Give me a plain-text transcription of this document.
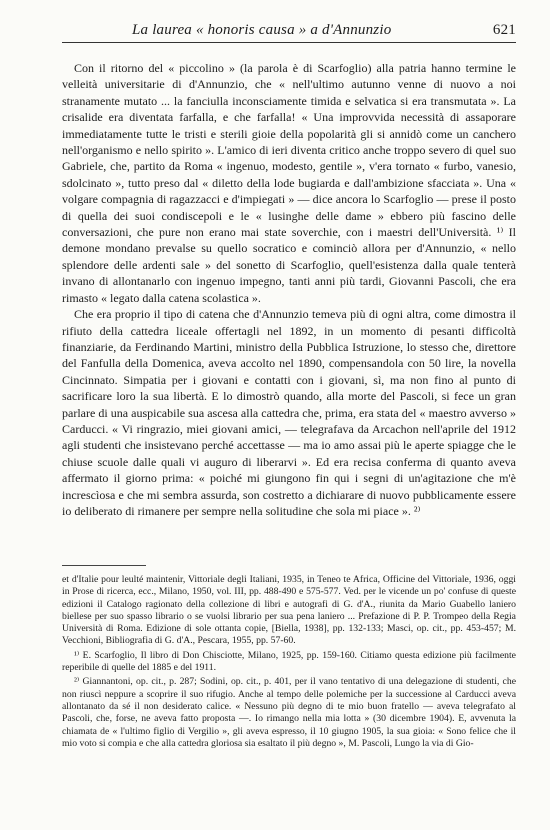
La laurea « honoris causa » a d'Annunzio	621

Con il ritorno del « piccolino » (la parola è di Scarfoglio) alla patria hanno termine le velleità universitarie di d'Annunzio, che « nell'ultimo autunno venne di nuovo a noi stranamente mutato ... la fanciulla inconsciamente timida e selvatica si era transmutata ». La crisalide era diventata farfalla, e che farfalla! « Una improvvida necessità di assaporare immediatamente tutte le tristi e sterili gioie della popolarità gli si annidò come un canchero nell'organismo e nello spirito ». L'amico di ieri diventa critico anche troppo severo di quel suo Gabriele, che, partito da Roma « ingenuo, modesto, gentile », v'era tornato « furbo, vanesio, sdolcinato », tutto preso dal « diletto della lode bugiarda e dall'ambizione sfacciata ». Una « volgare compagnia di ragazzacci e d'impiegati » — dice ancora lo Scarfoglio — prese il posto di quella dei suoi condiscepoli e le « lusinghe delle dame » ebbero più fascino delle conversazioni, che pure non erano mai state soverchie, con i maestri dell'Università. ¹⁾ Il demone mondano prevalse su quello socratico e cominciò allora per d'Annunzio, « nello splendore delle ardenti sale » del sonetto di Scarfoglio, quell'esistenza dalla quale tenterà invano di allontanarlo con ingenuo impegno, tanti anni più tardi, Giovanni Pascoli, che era rimasto « legato dalla catena scolastica ».

Che era proprio il tipo di catena che d'Annunzio temeva più di ogni altra, come dimostra il rifiuto della cattedra liceale offertagli nel 1892, in un momento di pesanti difficoltà finanziarie, da Ferdinando Martini, ministro della Pubblica Istruzione, lo stesso che, direttore del Fanfulla della Domenica, aveva accolto nel 1890, compensandola con 50 lire, la novella Cincinnato. Simpatia per i giovani e contatti con i giovani, sì, ma non fino al punto di sacrificare loro la sua libertà. E lo dimostrò quando, alla morte del Pascoli, si fece un gran parlare di una auspicabile sua ascesa alla cattedra che, prima, era stata del « maestro avverso » Carducci. « Vi ringrazio, miei giovani amici, — telegrafava da Arcachon nell'aprile del 1912 agli studenti che insistevano perché accettasse — ma io amo assai più le aperte spiagge che le chiuse scuole dalle quali vi auguro di liberarvi ». Ed era recisa conferma di quanto aveva affermato il giorno prima: « poiché mi giungono fin qui i segni di un'agitazione che m'è increscìosa e che mi sembra assurda, son costretto a dichiarare di nuovo pubblicamente essere io deliberato di rimanere per sempre nella solitudine che sola mi piace ». ²⁾

et d'Italie pour leulté maintenir, Vittoriale degli Italiani, 1935, in Teneo te Africa, Officine del Vittoriale, 1936, oggi in Prose di ricerca, ecc., Milano, 1950, vol. III, pp. 488-490 e 575-577. Ved. per le vicende un po' confuse di queste edizioni il Catalogo ragionato della collezione di libri e autografi di G. d'A., riunita da Mario Guabello laniero biellese per suo spasso librario o se vuolsi librario per sua pena laniero ... Prefazione di P. P. Trompeo della Regia Università di Roma. Edizione di sole ottanta copie, [Biella, 1938], pp. 132-133; Masci, op. cit., pp. 453-457; M. Vecchioni, Bibliografia di G. d'A., Pescara, 1955, pp. 57-60.

¹⁾ E. Scarfoglio, Il libro di Don Chisciotte, Milano, 1925, pp. 159-160. Citiamo questa edizione più facilmente reperibile di quelle del 1885 e del 1911.

²⁾ Giannantoni, op. cit., p. 287; Sodini, op. cit., p. 401, per il vano tentativo di una delegazione di studenti, che non riuscì neppure a scoprire il suo rifugio. Anche al tempo delle polemiche per la successione al Carducci aveva allontanato da sé il non desiderato calice. « Nessuno più degno di te mio buon fratello — aveva telegrafato al Pascoli, che, forse, ne aveva fatto proposta —. Io rimango nella mia lotta » (30 dicembre 1904). E, avvenuta la chiamata de « l'ultimo figlio di Vergilio », gli aveva espresso, il 10 giugno 1905, la sua gioia: « Sono felice che il mio voto si compia e che alla cattedra gloriosa sia esaltato il più degno », M. Pascoli, Lungo la via di Gio-
